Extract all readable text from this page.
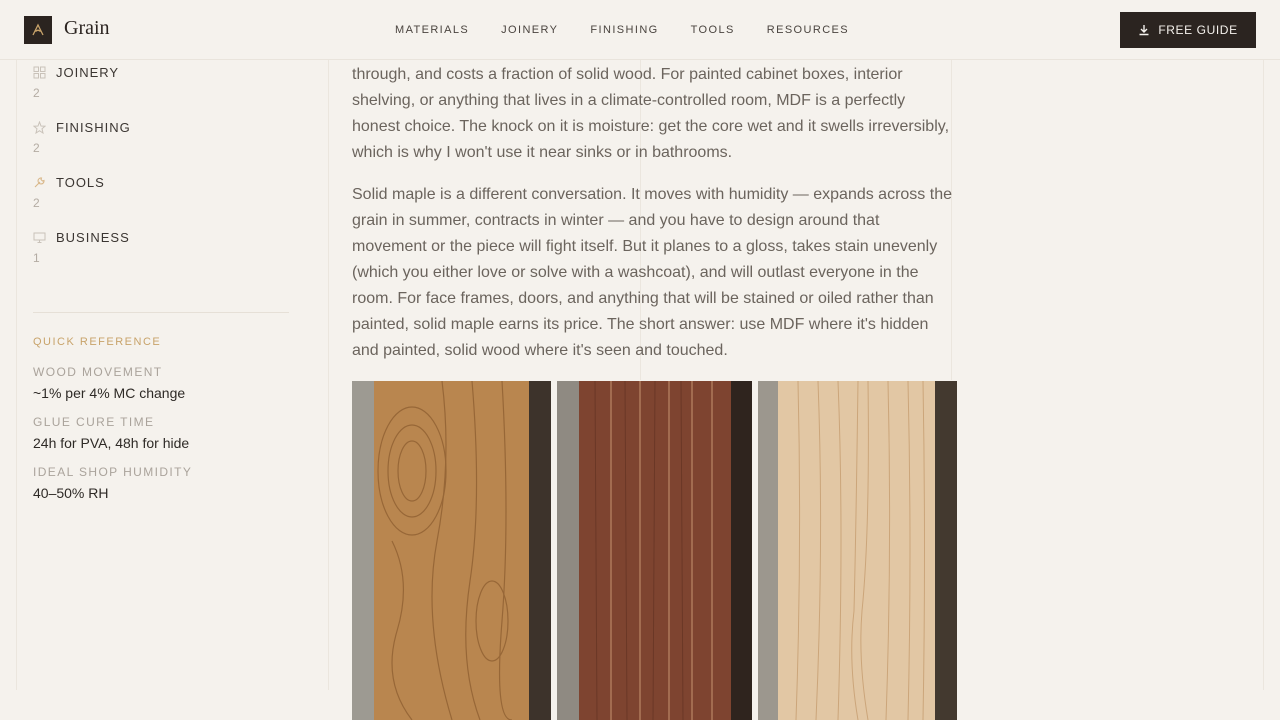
Grain	MATERIALS	JOINERY	FINISHING	TOOLS	RESOURCES	FREE GUIDE
JOINERY
2
FINISHING
2
TOOLS
2
BUSINESS
1
QUICK REFERENCE
WOOD MOVEMENT
~1% per 4% MC change
GLUE CURE TIME
24h for PVA, 48h for hide
IDEAL SHOP HUMIDITY
40–50% RH

through, and costs a fraction of solid wood. For painted cabinet boxes, interior shelving, or anything that lives in a climate-controlled room, MDF is a perfectly honest choice. The knock on it is moisture: get the core wet and it swells irreversibly, which is why I won't use it near sinks or in bathrooms.

Solid maple is a different conversation. It moves with humidity — expands across the grain in summer, contracts in winter — and you have to design around that movement or the piece will fight itself. But it planes to a gloss, takes stain unevenly (which you either love or solve with a washcoat), and will outlast everyone in the room. For face frames, doors, and anything that will be stained or oiled rather than painted, solid maple earns its price. The short answer: use MDF where it's hidden and painted, solid wood where it's seen and touched.
